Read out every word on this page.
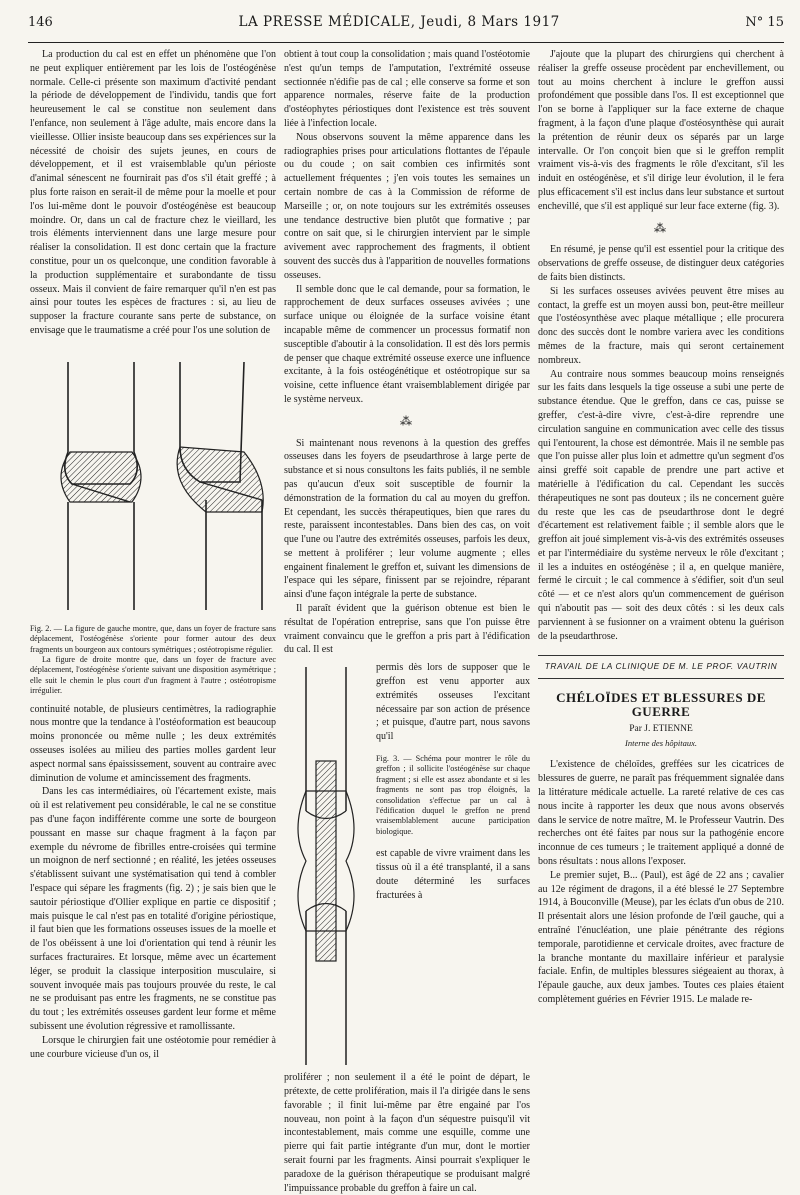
146	LA PRESSE MÉDICALE, Jeudi, 8 Mars 1917	N° 15

La production du cal est en effet un phénomène que l'on ne peut expliquer entièrement par les lois de l'ostéogénèse normale. Celle-ci présente son maximum d'activité pendant la période de développement de l'individu, tandis que fort heureusement le cal se constitue non seulement dans l'enfance, non seulement à l'âge adulte, mais encore dans la vieillesse. Ollier insiste beaucoup dans ses expériences sur la nécessité de choisir des sujets jeunes, en cours de développement, et il est vraisemblable qu'un périoste d'animal sénescent ne fournirait pas d'os s'il était greffé ; à plus forte raison en serait-il de même pour la moelle et pour l'os lui-même dont le pouvoir d'ostéogénèse est beaucoup moindre. Or, dans un cal de fracture chez le vieillard, les trois éléments interviennent dans une large mesure pour réaliser la consolidation. Il est donc certain que la fracture constitue, pour un os quelconque, une condition favorable à la production supplémentaire et surabondante de tissu osseux. Mais il convient de faire remarquer qu'il n'en est pas ainsi pour toutes les espèces de fractures : si, au lieu de supposer la fracture courante sans perte de substance, on envisage que le traumatisme a créé pour l'os une solution de

Fig. 2. — La figure de gauche montre, que, dans un foyer de fracture sans déplacement, l'ostéogénèse s'oriente pour former autour des deux fragments un bourgeon aux contours symétriques ; ostéotropisme régulier.

La figure de droite montre que, dans un foyer de fracture avec déplacement, l'ostéogénèse s'oriente suivant une disposition asymétrique ; elle suit le chemin le plus court d'un fragment à l'autre ; ostéotropisme irrégulier.

continuité notable, de plusieurs centimètres, la radiographie nous montre que la tendance à l'ostéoformation est beaucoup moins prononcée ou même nulle ; les deux extrémités osseuses isolées au milieu des parties molles gardent leur aspect normal sans épaississement, souvent au contraire avec diminution de volume et amincissement des fragments.

Dans les cas intermédiaires, où l'écartement existe, mais où il est relativement peu considérable, le cal ne se constitue pas d'une façon indifférente comme une sorte de bourgeon poussant en masse sur chaque fragment à la façon par exemple du névrome de fibrilles entre-croisées qui termine un moignon de nerf sectionné ; en réalité, les jetées osseuses s'établissent suivant une systématisation qui tend à combler l'espace qui sépare les fragments (fig. 2) ; je sais bien que le sautoir périostique d'Ollier explique en partie ce dispositif ; mais puisque le cal n'est pas en totalité d'origine périostique, il faut bien que les formations osseuses issues de la moelle et de l'os obéissent à une loi d'orientation qui tend à réunir les surfaces fracturaires. Et lorsque, même avec un écartement léger, se produit la classique interposition musculaire, si souvent invoquée mais pas toujours prouvée du reste, le cal ne se produisant pas entre les fragments, ne se constitue pas du tout ; les extrémités osseuses gardent leur forme et même subissent une évolution régressive et ramollissante.

Lorsque le chirurgien fait une ostéotomie pour remédier à une courbure vicieuse d'un os, il

obtient à tout coup la consolidation ; mais quand l'ostéotomie n'est qu'un temps de l'amputation, l'extrémité osseuse sectionnée n'édifie pas de cal ; elle conserve sa forme et son apparence normales, réserve faite de la production d'ostéophytes périostiques dont l'existence est très souvent liée à l'infection locale.

Nous observons souvent la même apparence dans les radiographies prises pour articulations flottantes de l'épaule ou du coude ; on sait combien ces infirmités sont actuellement fréquentes ; j'en vois toutes les semaines un certain nombre de cas à la Commission de réforme de Marseille ; or, on note toujours sur les extrémités osseuses une tendance destructive bien plutôt que formative ; par contre on sait que, si le chirurgien intervient par le simple avivement avec rapprochement des fragments, il obtient souvent des succès dus à l'apparition de nouvelles formations osseuses.

Il semble donc que le cal demande, pour sa formation, le rapprochement de deux surfaces osseuses avivées ; une surface unique ou éloignée de la surface voisine étant incapable même de commencer un processus formatif non susceptible d'aboutir à la consolidation. Il est dès lors permis de penser que chaque extrémité osseuse exerce une influence excitante, à la fois ostéogénétique et ostéotropique sur sa voisine, cette influence étant vraisemblablement dirigée par le système nerveux.

⁂

Si maintenant nous revenons à la question des greffes osseuses dans les foyers de pseudarthrose à large perte de substance et si nous consultons les faits publiés, il ne semble pas qu'aucun d'eux soit susceptible de fournir la démonstration de la formation du cal au moyen du greffon. Et cependant, les succès thérapeutiques, bien que rares du reste, paraissent incontestables. Dans bien des cas, on voit que l'une ou l'autre des extrémités osseuses, parfois les deux, se mettent à proliférer ; leur volume augmente ; elles engainent finalement le greffon et, suivant les dimensions de l'espace qui les sépare, finissent par se rejoindre, réparant ainsi d'une façon intégrale la perte de substance.

Il paraît évident que la guérison obtenue est bien le résultat de l'opération entreprise, sans que l'on puisse être vraiment convaincu que le greffon a pris part à l'édification du cal. Il est

permis dès lors de supposer que le greffon est venu apporter aux extrémités osseuses l'excitant nécessaire par son action de présence ; et puisque, d'autre part, nous savons qu'il

Fig. 3. — Schéma pour montrer le rôle du greffon ; il sollicite l'ostéogénèse sur chaque fragment ; si elle est assez abondante et si les fragments ne sont pas trop éloignés, la consolidation s'effectue par un cal à l'édification duquel le greffon ne prend vraisemblablement aucune participation biologique.

est capable de vivre vraiment dans les tissus où il a été transplanté, il a sans doute déterminé les surfaces fracturées à

proliférer ; non seulement il a été le point de départ, le prétexte, de cette prolifération, mais il l'a dirigée dans le sens favorable ; il finit lui-même par être engainé par l'os nouveau, non point à la façon d'un séquestre puisqu'il vit incontestablement, mais comme une esquille, comme une pierre qui fait partie intégrante d'un mur, dont le mortier serait fourni par les fragments. Ainsi pourrait s'expliquer le paradoxe de la guérison thérapeutique se produisant malgré l'impuissance probable du greffon à faire un cal.

J'ajoute que la plupart des chirurgiens qui cherchent à réaliser la greffe osseuse procèdent par enchevillement, ou tout au moins cherchent à inclure le greffon aussi profondément que possible dans l'os. Il est exceptionnel que l'on se borne à l'appliquer sur la face externe de chaque fragment, à la façon d'une plaque d'ostéosynthèse qui aurait la prétention de réunir deux os séparés par un large intervalle. Or l'on conçoit bien que si le greffon remplit vraiment vis-à-vis des fragments le rôle d'excitant, s'il les induit en ostéogénèse, et s'il dirige leur évolution, il le fera plus efficacement s'il est inclus dans leur substance et surtout enchevillé, que s'il est appliqué sur leur face externe (fig. 3).

⁂

En résumé, je pense qu'il est essentiel pour la critique des observations de greffe osseuse, de distinguer deux catégories de faits bien distincts.

Si les surfaces osseuses avivées peuvent être mises au contact, la greffe est un moyen aussi bon, peut-être meilleur que l'ostéosynthèse avec plaque métallique ; elle procurera donc des succès dont le nombre variera avec les conditions mêmes de la fracture, mais qui seront certainement nombreux.

Au contraire nous sommes beaucoup moins renseignés sur les faits dans lesquels la tige osseuse a subi une perte de substance étendue. Que le greffon, dans ce cas, puisse se greffer, c'est-à-dire vivre, c'est-à-dire reprendre une circulation sanguine en communication avec celle des tissus qui l'entourent, la chose est démontrée. Mais il ne semble pas que l'on puisse aller plus loin et admettre qu'un segment d'os ainsi greffé soit capable de prendre une part active et matérielle à l'édification du cal. Cependant les succès thérapeutiques ne sont pas douteux ; ils ne concernent guère du reste que les cas de pseudarthrose dont le degré d'écartement est relativement faible ; il semble alors que le greffon ait joué simplement vis-à-vis des extrémités osseuses et par l'intermédiaire du système nerveux le rôle d'excitant ; il les a induites en ostéogénèse ; il a, en quelque manière, fermé le circuit ; le cal commence à s'édifier, soit d'un seul côté — et ce n'est alors qu'un commencement de guérison qui n'aboutit pas — soit des deux côtés : si les deux cals parviennent à se fusionner on a vraiment obtenu la guérison de la pseudarthrose.

TRAVAIL DE LA CLINIQUE DE M. LE PROF. VAUTRIN
CHÉLOÏDES ET BLESSURES DE GUERRE
Par J. ETIENNE
Interne des hôpitaux.

L'existence de chéloïdes, greffées sur les cicatrices de blessures de guerre, ne paraît pas fréquemment signalée dans la littérature médicale actuelle. La rareté relative de ces cas nous incite à rapporter les deux que nous avons observés dans le service de notre maître, M. le Professeur Vautrin. Des recherches ont été faites par nous sur la pathogénie encore inconnue de ces tumeurs ; le traitement appliqué a donné de bons résultats : nous allons l'exposer.

Le premier sujet, B... (Paul), est âgé de 22 ans ; cavalier au 12e régiment de dragons, il a été blessé le 27 Septembre 1914, à Bouconville (Meuse), par les éclats d'un obus de 210. Il présentait alors une lésion profonde de l'œil gauche, qui a entraîné l'énucléation, une plaie pénétrante des régions temporale, parotidienne et cervicale droites, avec fracture de la branche montante du maxillaire inférieur et paralysie faciale. Enfin, de multiples blessures siégeaient au thorax, à l'épaule gauche, aux deux jambes. Toutes ces plaies étaient complètement guéries en Février 1915. Le malade re-
